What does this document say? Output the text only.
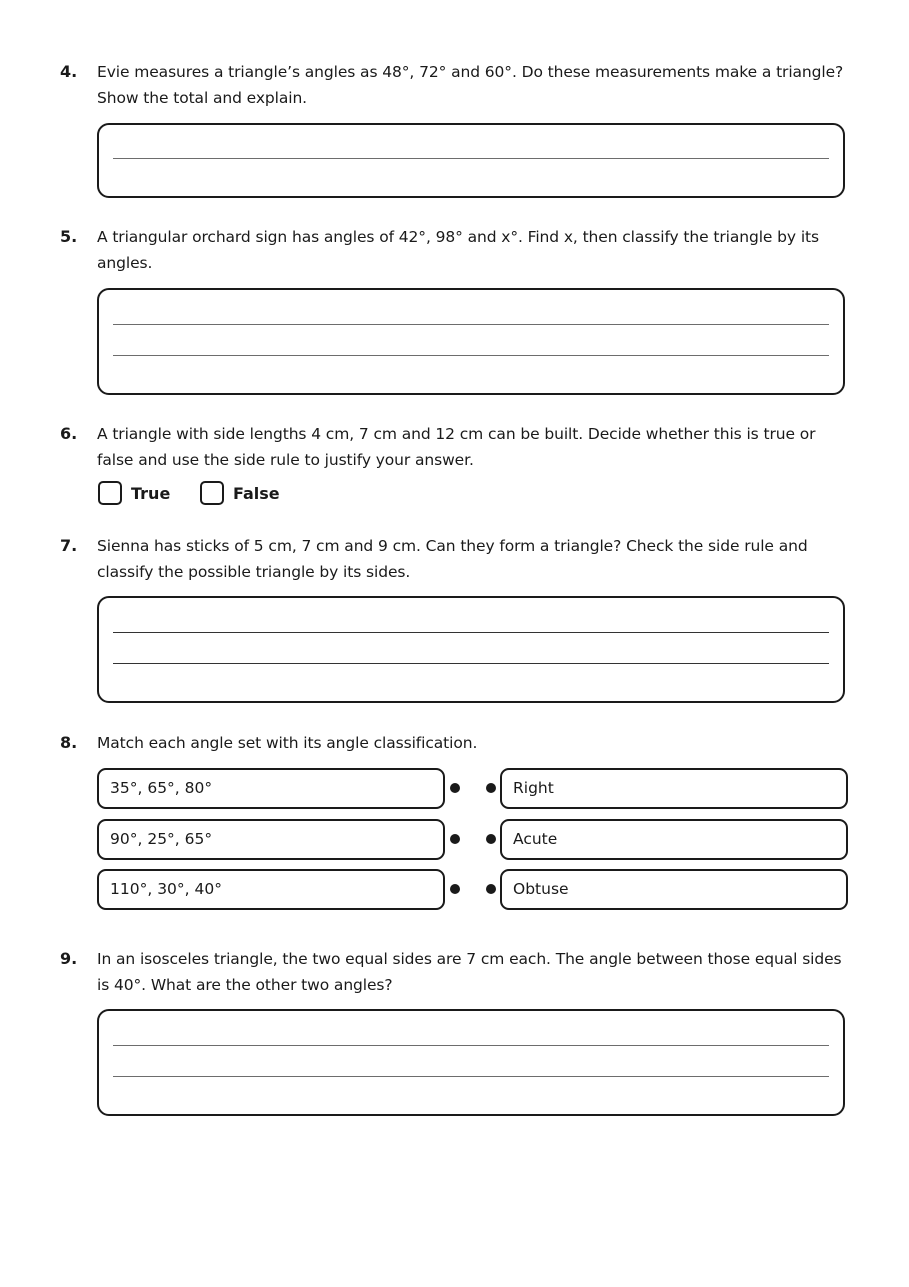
4. Evie measures a triangle’s angles as 48°, 72° and 60°. Do these measurements make a triangle?
Show the total and explain.
5. A triangular orchard sign has angles of 42°, 98° and x°. Find x, then classify the triangle by its
angles.
6. A triangle with side lengths 4 cm, 7 cm and 12 cm can be built. Decide whether this is true or
false and use the side rule to justify your answer.
True	False
7. Sienna has sticks of 5 cm, 7 cm and 9 cm. Can they form a triangle? Check the side rule and
classify the possible triangle by its sides.
8. Match each angle set with its angle classification.
35°, 65°, 80°	Right
90°, 25°, 65°	Acute
110°, 30°, 40°	Obtuse
9. In an isosceles triangle, the two equal sides are 7 cm each. The angle between those equal sides
is 40°. What are the other two angles?
